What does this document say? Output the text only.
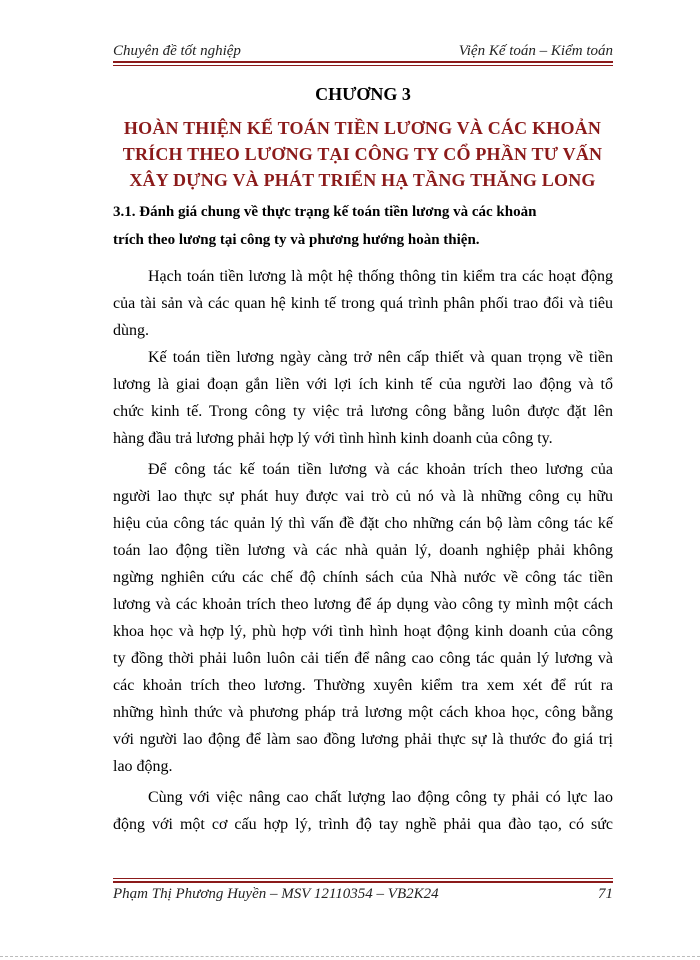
Chuyên đề tốt nghiệp	Viện Kế toán – Kiểm toán
CHƯƠNG 3
HOÀN THIỆN KẾ TOÁN TIỀN LƯƠNG VÀ CÁC KHOẢN
TRÍCH THEO LƯƠNG TẠI CÔNG TY CỔ PHẦN TƯ VẤN
XÂY DỰNG VÀ PHÁT TRIỂN HẠ TẦNG THĂNG LONG
3.1. Đánh giá chung về thực trạng kế toán tiền lương và các khoản
trích theo lương tại công ty và phương hướng hoàn thiện.
Hạch toán tiền lương là một hệ thống thông tin kiểm tra các hoạt động
của tài sản và các quan hệ kinh tế trong quá trình phân phối trao đổi và tiêu
dùng.
Kế toán tiền lương ngày càng trở nên cấp thiết và quan trọng về tiền
lương là giai đoạn gắn liền với lợi ích kinh tế của người lao động và tổ
chức kinh tế. Trong công ty việc trả lương công bằng luôn được đặt lên
hàng đầu trả lương phải hợp lý với tình hình kinh doanh của công ty.
Để công tác kế toán tiền lương và các khoản trích theo lương của
người lao thực sự phát huy được vai trò củ nó và là những công cụ hữu
hiệu của công tác quản lý thì vấn đề đặt cho những cán bộ làm công tác kế
toán lao động tiền lương và các nhà quản lý, doanh nghiệp phải không
ngừng nghiên cứu các chế độ chính sách của Nhà nước về công tác tiền
lương và các khoản trích theo lương để áp dụng vào công ty mình một cách
khoa học và hợp lý, phù hợp với tình hình hoạt động kinh doanh của công
ty đồng thời phải luôn luôn cải tiến để nâng cao công tác quản lý lương và
các khoản trích theo lương. Thường xuyên kiểm tra xem xét để rút ra
những hình thức và phương pháp trả lương một cách khoa học, công bằng
với người lao động để làm sao đồng lương phải thực sự là thước đo giá trị
lao động.
Cùng với việc nâng cao chất lượng lao động công ty phải có lực lao
động với một cơ cấu hợp lý, trình độ tay nghề phải qua đào tạo, có sức
Phạm Thị Phương Huyền – MSV 12110354 – VB2K24	71
